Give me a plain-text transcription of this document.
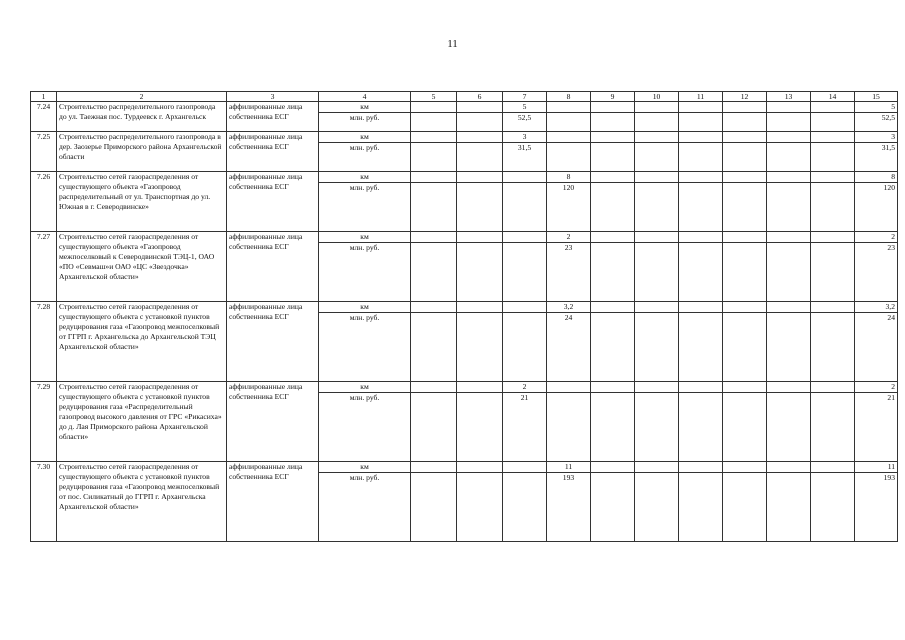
11
1	2	3	4	5	6	7	8	9	10	11	12	13	14	15
7.24	Строительство распределительного газопровода до ул. Таежная пос. Турдеевск г. Архангельск	аффилированные лица собственника ЕСГ	км			5								5
			млн. руб.			52,5								52,5
7.25	Строительство распределительного газопровода в дер. Заозерье Приморского района Архангельской области	аффилированные лица собственника ЕСГ	км			3								3
			млн. руб.			31,5								31,5
7.26	Строительство сетей газораспределения от существующего объекта «Газопровод распределительный от ул. Транспортная до ул. Южная в г. Северодвинске»	аффилированные лица собственника ЕСГ	км				8							8
			млн. руб.				120							120
7.27	Строительство сетей газораспределения от существующего объекта «Газопровод межпоселковый к Северодвинской ТЭЦ-1, ОАО «ПО «Севмаш»и ОАО «ЦС «Звездочка» Архангельской области»	аффилированные лица собственника ЕСГ	км				2							2
			млн. руб.				23							23
7.28	Строительство сетей газораспределения от существующего объекта с установкой пунктов редуцирования газа «Газопровод межпоселковый от ГГРП г. Архангельска до Архангельской ТЭЦ Архангельской области»	аффилированные лица собственника ЕСГ	км				3,2							3,2
			млн. руб.				24							24
7.29	Строительство сетей газораспределения от существующего объекта с установкой пунктов редуцирования газа «Распределительный газопровод высокого давления от ГРС «Рикасиха» до д. Лая Приморского района Архангельской области»	аффилированные лица собственника ЕСГ	км			2								2
			млн. руб.			21								21
7.30	Строительство сетей газораспределения от существующего объекта с установкой пунктов редуцирования газа «Газопровод межпоселковый от пос. Силикатный до ГГРП г. Архангельска Архангельской области»	аффилированные лица собственника ЕСГ	км				11							11
			млн. руб.				193							193
